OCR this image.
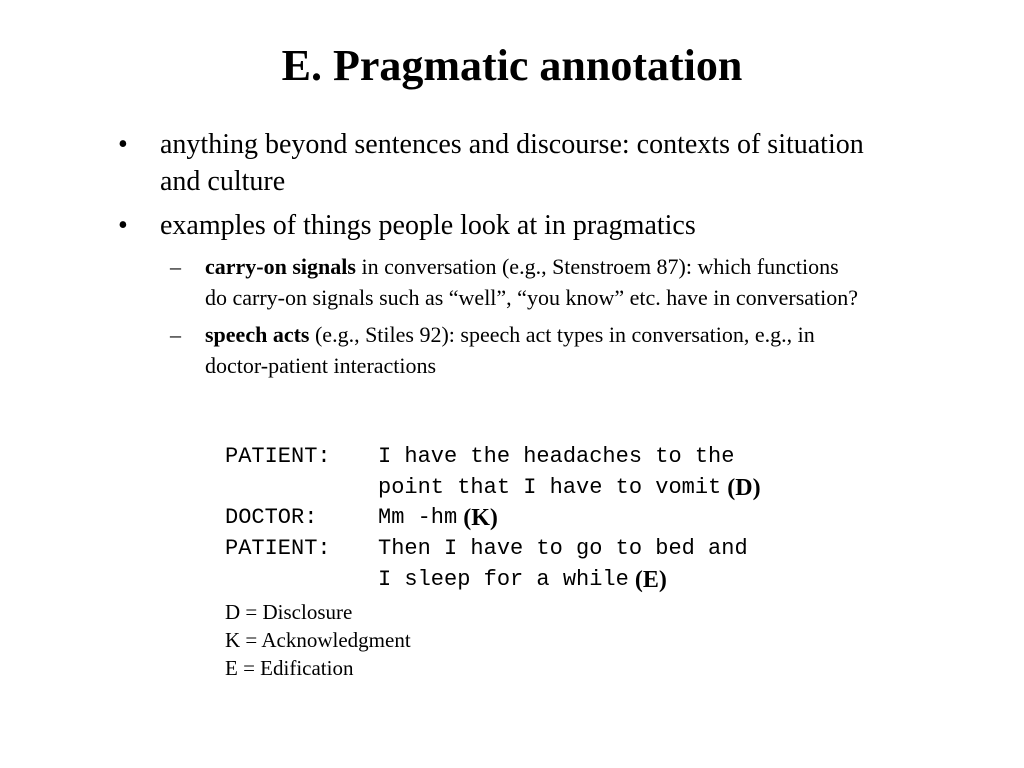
E. Pragmatic annotation
•	anything beyond sentences and discourse: contexts of situation and culture
•	examples of things people look at in pragmatics
–	carry-on signals in conversation (e.g., Stenstroem 87): which functions do carry-on signals such as “well”, “you know” etc. have in conversation?
–	speech acts (e.g., Stiles 92): speech act types in conversation, e.g., in doctor-patient interactions
PATIENT:	I have the headaches to the
point that I have to vomit (D)
DOCTOR:	Mm -hm (K)
PATIENT:	Then I have to go to bed and
I sleep for a while (E)
D = Disclosure
K = Acknowledgment
E = Edification
